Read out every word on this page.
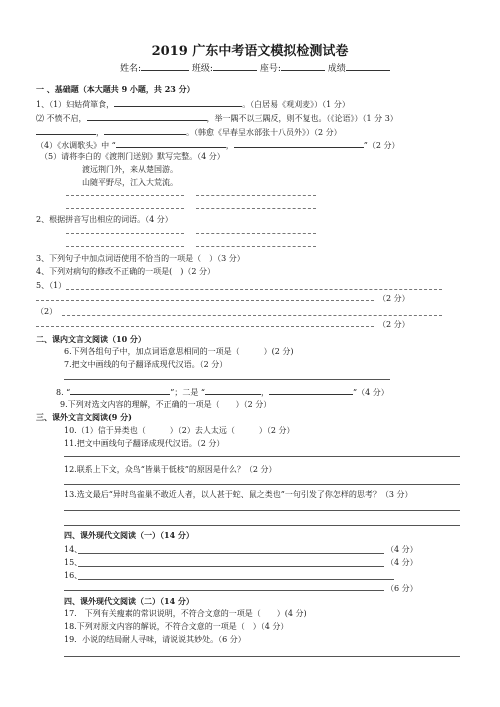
2019 广东中考语文模拟检测试卷
姓名:	班级:	座号:	成绩
一 、基础题（本大题共 9 小题，共 23 分）
1、（1）妇姑荷箪食，	。（白居易《观刈麦》）（1 分）
⑵ 不愤不启，	，举一隅不以三隅反，则不复也。（《论语》）（1 分 3）
，	。（韩愈《早春呈水部张十八员外》）（2 分）
（4）《水调歌头》中 “	，	”（2 分）
（5）请将李白的《渡荆门送别》默写完整。（4 分）
渡远荆门外，来从楚国游。
山随平野尽，江入大荒流。
2、根据拼音写出相应的词语。（4 分）
3、下列句子中加点词语使用不恰当的一项是（　）（3 分）
4、下列对病句的修改不正确的一项是(　)（2 分）
5、（1）
（2 分）
（2）
（2 分）
二、课内文言文阅读（10 分）
6.下列各组句子中，加点词语意思相同的一项是（　　　）(2 分)
7.把文中画线的句子翻译成现代汉语。（2 分）
8. “	”；二是 “	，	”（4 分）
9.下列对选文内容的理解，不正确的一项是（　　）（2 分）
三、课外文言文阅读(9 分)
10.（1）信于异类也（　　　）（2）去人太远（　　　）（2 分）
11.把文中画线句子翻译成现代汉语。（2 分）
12.联系上下文，众鸟“皆巢于低枝”的原因是什么？（2 分）
13.选文最后“异时鸟雀巢不敢近人者，以人甚于蛇、鼠之类也”一句引发了你怎样的思考？（3 分）
四、课外现代文阅读（一）（14 分）
14、	（4 分）
15、	（4 分）
16、
（6 分）
四、课外现代文阅读（二）（14 分）
17.　下列有关瘦素的常识说明，不符合文意的一项是（　　）(4 分)
18.下列对原文内容的解说，不符合文意的一项是（　）（4 分）
19．小说的结局耐人寻味，请说说其妙处。（6 分）
